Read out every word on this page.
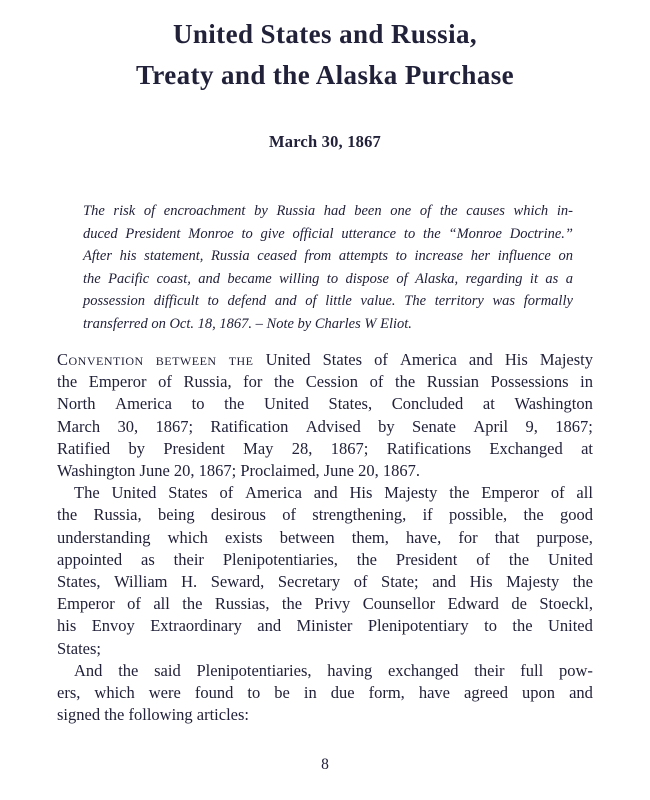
United States and Russia,
Treaty and the Alaska Purchase
March 30, 1867
The risk of encroachment by Russia had been one of the causes which in-
duced President Monroe to give official utterance to the “Monroe Doctrine.”
After his statement, Russia ceased from attempts to increase her influence on
the Pacific coast, and became willing to dispose of Alaska, regarding it as a
possession difficult to defend and of little value. The territory was formally
transferred on Oct. 18, 1867. – Note by Charles W Eliot.
Convention between the United States of America and His Majesty
the Emperor of Russia, for the Cession of the Russian Possessions in
North America to the United States, Concluded at Washington
March 30, 1867; Ratification Advised by Senate April 9, 1867;
Ratified by President May 28, 1867; Ratifications Exchanged at
Washington June 20, 1867; Proclaimed, June 20, 1867.
The United States of America and His Majesty the Emperor of all
the Russia, being desirous of strengthening, if possible, the good
understanding which exists between them, have, for that purpose,
appointed as their Plenipotentiaries, the President of the United
States, William H. Seward, Secretary of State; and His Majesty the
Emperor of all the Russias, the Privy Counsellor Edward de Stoeckl,
his Envoy Extraordinary and Minister Plenipotentiary to the United
States;
And the said Plenipotentiaries, having exchanged their full pow-
ers, which were found to be in due form, have agreed upon and
signed the following articles:
8
